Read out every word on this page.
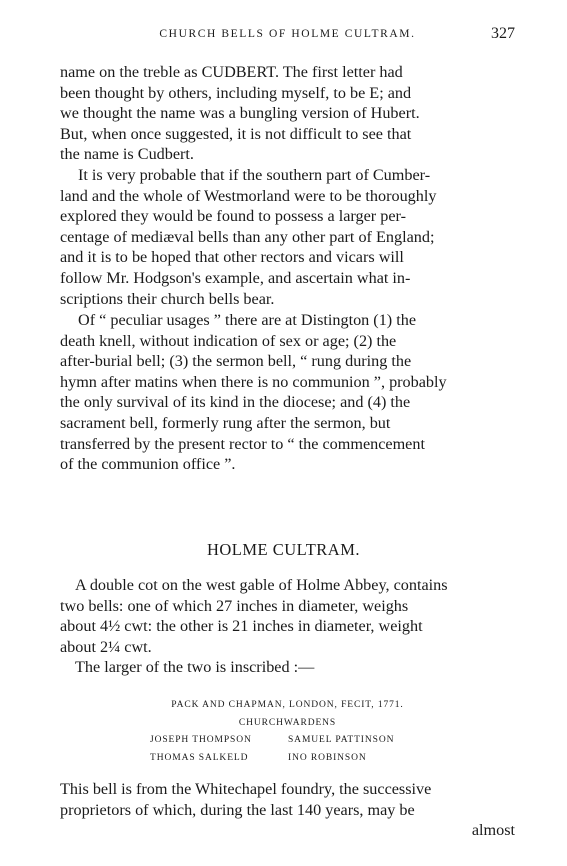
CHURCH BELLS OF HOLME CULTRAM.	327

name on the treble as CUDBERT. The first letter had
been thought by others, including myself, to be E; and
we thought the name was a bungling version of Hubert.
But, when once suggested, it is not difficult to see that
the name is Cudbert.

It is very probable that if the southern part of Cumber-
land and the whole of Westmorland were to be thoroughly
explored they would be found to possess a larger per-
centage of mediæval bells than any other part of England;
and it is to be hoped that other rectors and vicars will
follow Mr. Hodgson's example, and ascertain what in-
scriptions their church bells bear.

Of “ peculiar usages ” there are at Distington (1) the
death knell, without indication of sex or age; (2) the
after-burial bell; (3) the sermon bell, “ rung during the
hymn after matins when there is no communion ”, probably
the only survival of its kind in the diocese; and (4) the
sacrament bell, formerly rung after the sermon, but
transferred by the present rector to “ the commencement
of the communion office ”.

HOLME CULTRAM.

A double cot on the west gable of Holme Abbey, contains
two bells: one of which 27 inches in diameter, weighs
about 4½ cwt: the other is 21 inches in diameter, weight
about 2¼ cwt.

The larger of the two is inscribed :—

PACK AND CHAPMAN, LONDON, FECIT, 1771.
CHURCHWARDENS
JOSEPH THOMPSON	SAMUEL PATTINSON
THOMAS SALKELD	INO ROBINSON

This bell is from the Whitechapel foundry, the successive
proprietors of which, during the last 140 years, may be

almost
